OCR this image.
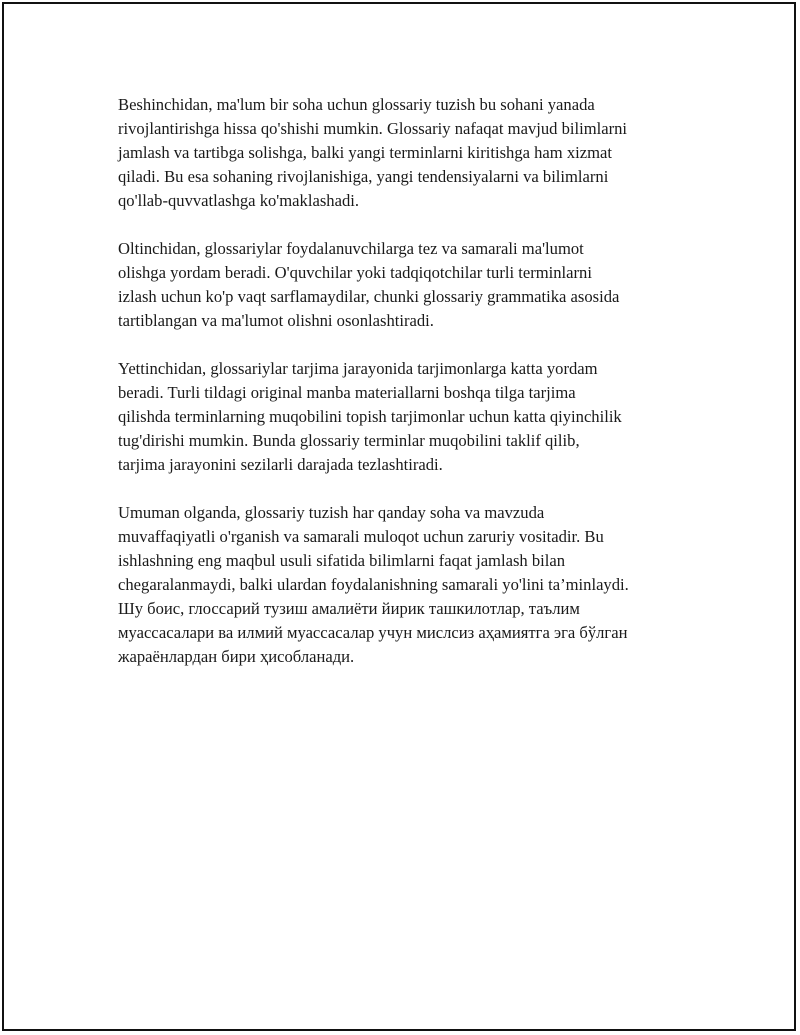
Beshinchidan, ma'lum bir soha uchun glossariy tuzish bu sohani yanada
rivojlantirishga hissa qo'shishi mumkin. Glossariy nafaqat mavjud bilimlarni
jamlash va tartibga solishga, balki yangi terminlarni kiritishga ham xizmat
qiladi. Bu esa sohaning rivojlanishiga, yangi tendensiyalarni va bilimlarni
qo'llab-quvvatlashga ko'maklashadi.

Oltinchidan, glossariylar foydalanuvchilarga tez va samarali ma'lumot
olishga yordam beradi. O'quvchilar yoki tadqiqotchilar turli terminlarni
izlash uchun ko'p vaqt sarflamaydilar, chunki glossariy grammatika asosida
tartiblangan va ma'lumot olishni osonlashtiradi.

Yettinchidan, glossariylar tarjima jarayonida tarjimonlarga katta yordam
beradi. Turli tildagi original manba materiallarni boshqa tilga tarjima
qilishda terminlarning muqobilini topish tarjimonlar uchun katta qiyinchilik
tug'dirishi mumkin. Bunda glossariy terminlar muqobilini taklif qilib,
tarjima jarayonini sezilarli darajada tezlashtiradi.

Umuman olganda, glossariy tuzish har qanday soha va mavzuda
muvaffaqiyatli o'rganish va samarali muloqot uchun zaruriy vositadir. Bu
ishlashning eng maqbul usuli sifatida bilimlarni faqat jamlash bilan
chegaralanmaydi, balki ulardan foydalanishning samarali yo'lini ta’minlaydi.
Шу боис, глоссарий тузиш амалиёти йирик ташкилотлар, таълим
муассасалари ва илмий муассасалар учун мислсиз аҳамиятга эга бўлган
жараёнлардан бири ҳисобланади.
